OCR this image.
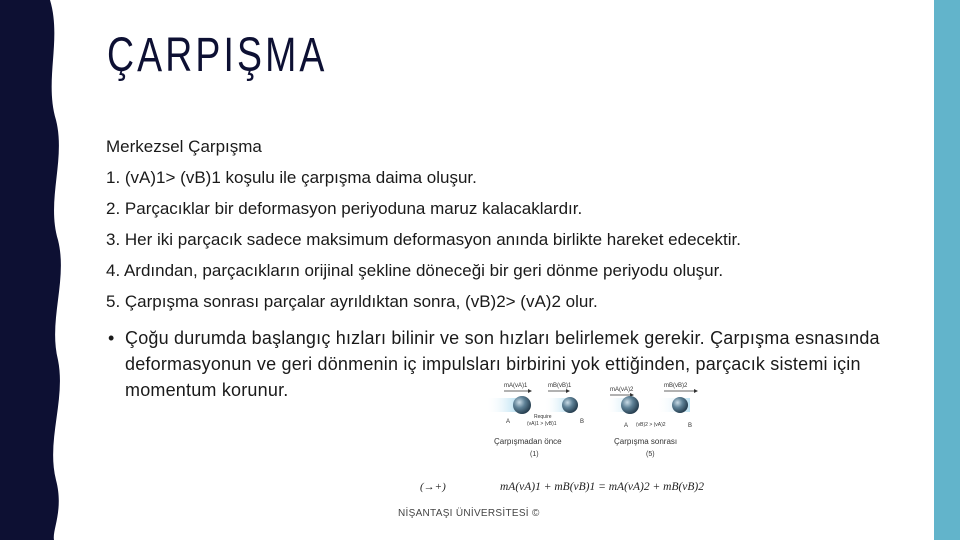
ÇARPIŞMA
Merkezsel Çarpışma
1. (vA)1> (vB)1 koşulu ile çarpışma daima oluşur.
2. Parçacıklar bir deformasyon periyoduna maruz kalacaklardır.
3. Her iki parçacık sadece maksimum deformasyon anında birlikte hareket edecektir.
4. Ardından, parçacıkların orijinal şekline döneceği bir geri dönme periyodu oluşur.
5. Çarpışma sonrası parçalar ayrıldıktan sonra, (vB)2> (vA)2 olur.
• Çoğu durumda başlangıç hızları bilinir ve son hızları belirlemek gerekir. Çarpışma esnasında deformasyonun ve geri dönmenin iç impulsları birbirini yok ettiğinden, parçacık sistemi için momentum korunur.	mA(vA)1	mB(vB)1
A	B
Require
(vA)1 > (vB)1
Çarpışmadan önce
(1)
mA(vA)2
mB(vB)2
A	B
(vB)2 > (vA)2
Çarpışma sonrası
(5)
(→+)	mA(vA)1 + mB(vB)1 = mA(vA)2 + mB(vB)2
NİŞANTAŞI ÜNİVERSİTESİ ©
